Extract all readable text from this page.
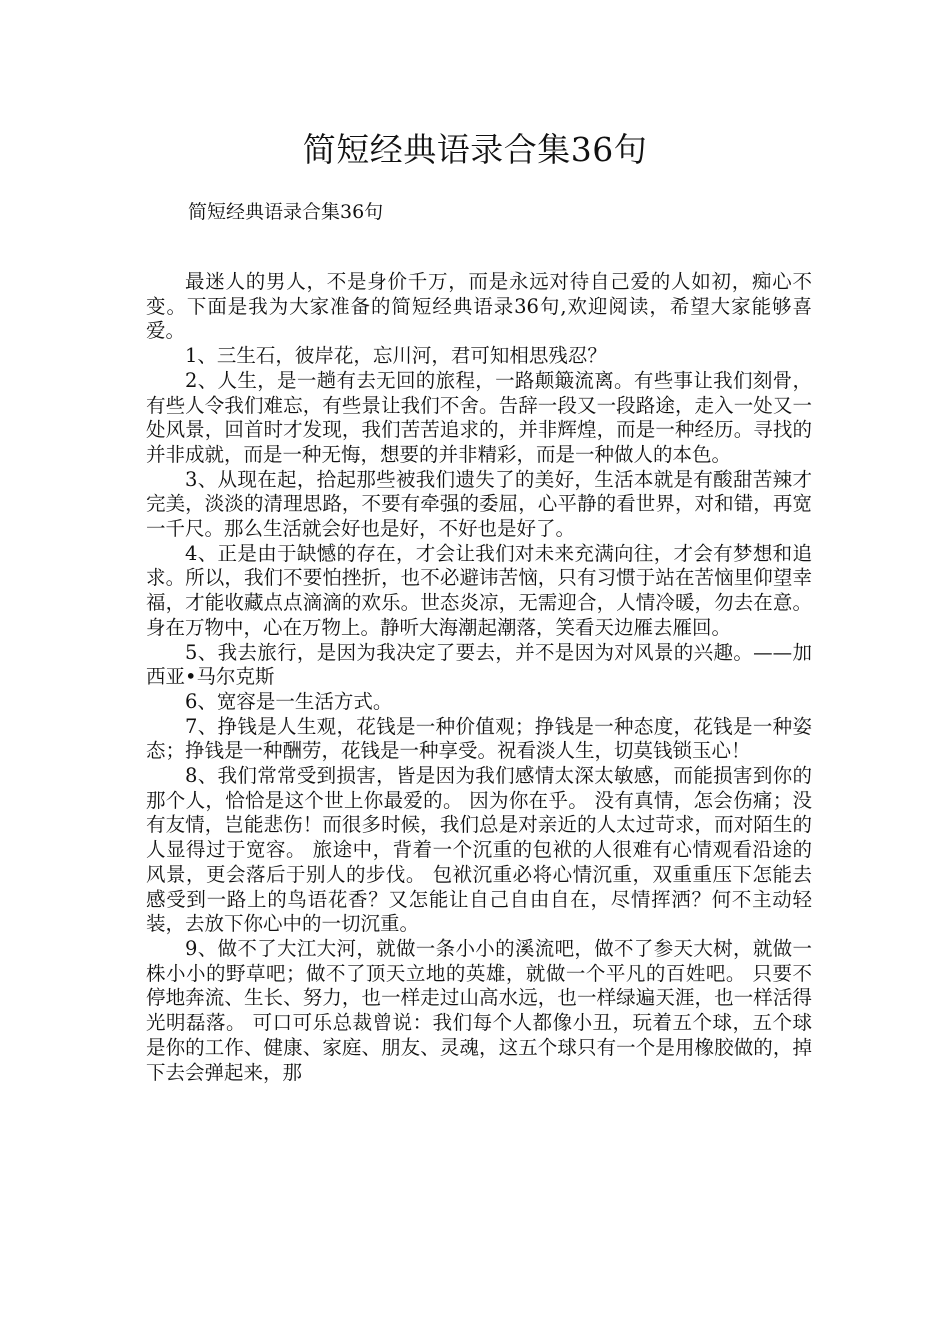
简短经典语录合集36句

简短经典语录合集36句

最迷人的男人，不是身价千万，而是永远对待自己爱的人如初，痴心不变。下面是我为大家准备的简短经典语录36句,欢迎阅读，希望大家能够喜爱。

1、三生石，彼岸花，忘川河，君可知相思残忍？

2、人生，是一趟有去无回的旅程，一路颠簸流离。有些事让我们刻骨，有些人令我们难忘，有些景让我们不舍。告辞一段又一段路途，走入一处又一处风景，回首时才发现，我们苦苦追求的，并非辉煌，而是一种经历。寻找的并非成就，而是一种无悔，想要的并非精彩，而是一种做人的本色。

3、从现在起，拾起那些被我们遗失了的美好，生活本就是有酸甜苦辣才完美，淡淡的清理思路，不要有牵强的委屈，心平静的看世界，对和错，再宽一千尺。那么生活就会好也是好，不好也是好了。

4、正是由于缺憾的存在，才会让我们对未来充满向往，才会有梦想和追求。所以，我们不要怕挫折，也不必避讳苦恼，只有习惯于站在苦恼里仰望幸福，才能收藏点点滴滴的欢乐。世态炎凉，无需迎合，人情冷暖，勿去在意。身在万物中，心在万物上。静听大海潮起潮落，笑看天边雁去雁回。

5、我去旅行，是因为我决定了要去，并不是因为对风景的兴趣。——加西亚•马尔克斯

6、宽容是一生活方式。

7、挣钱是人生观，花钱是一种价值观；挣钱是一种态度，花钱是一种姿态；挣钱是一种酬劳，花钱是一种享受。祝看淡人生，切莫钱锁玉心！

8、我们常常受到损害，皆是因为我们感情太深太敏感，而能损害到你的那个人，恰恰是这个世上你最爱的。 因为你在乎。 没有真情，怎会伤痛；没有友情，岂能悲伤！而很多时候，我们总是对亲近的人太过苛求，而对陌生的人显得过于宽容。 旅途中，背着一个沉重的包袱的人很难有心情观看沿途的风景，更会落后于别人的步伐。 包袱沉重必将心情沉重，双重重压下怎能去感受到一路上的鸟语花香？又怎能让自己自由自在，尽情挥洒？何不主动轻装，去放下你心中的一切沉重。

9、做不了大江大河，就做一条小小的溪流吧，做不了参天大树，就做一株小小的野草吧；做不了顶天立地的英雄，就做一个平凡的百姓吧。 只要不停地奔流、生长、努力，也一样走过山高水远，也一样绿遍天涯，也一样活得光明磊落。 可口可乐总裁曾说：我们每个人都像小丑，玩着五个球，五个球是你的工作、健康、家庭、朋友、灵魂，这五个球只有一个是用橡胶做的，掉下去会弹起来，那
